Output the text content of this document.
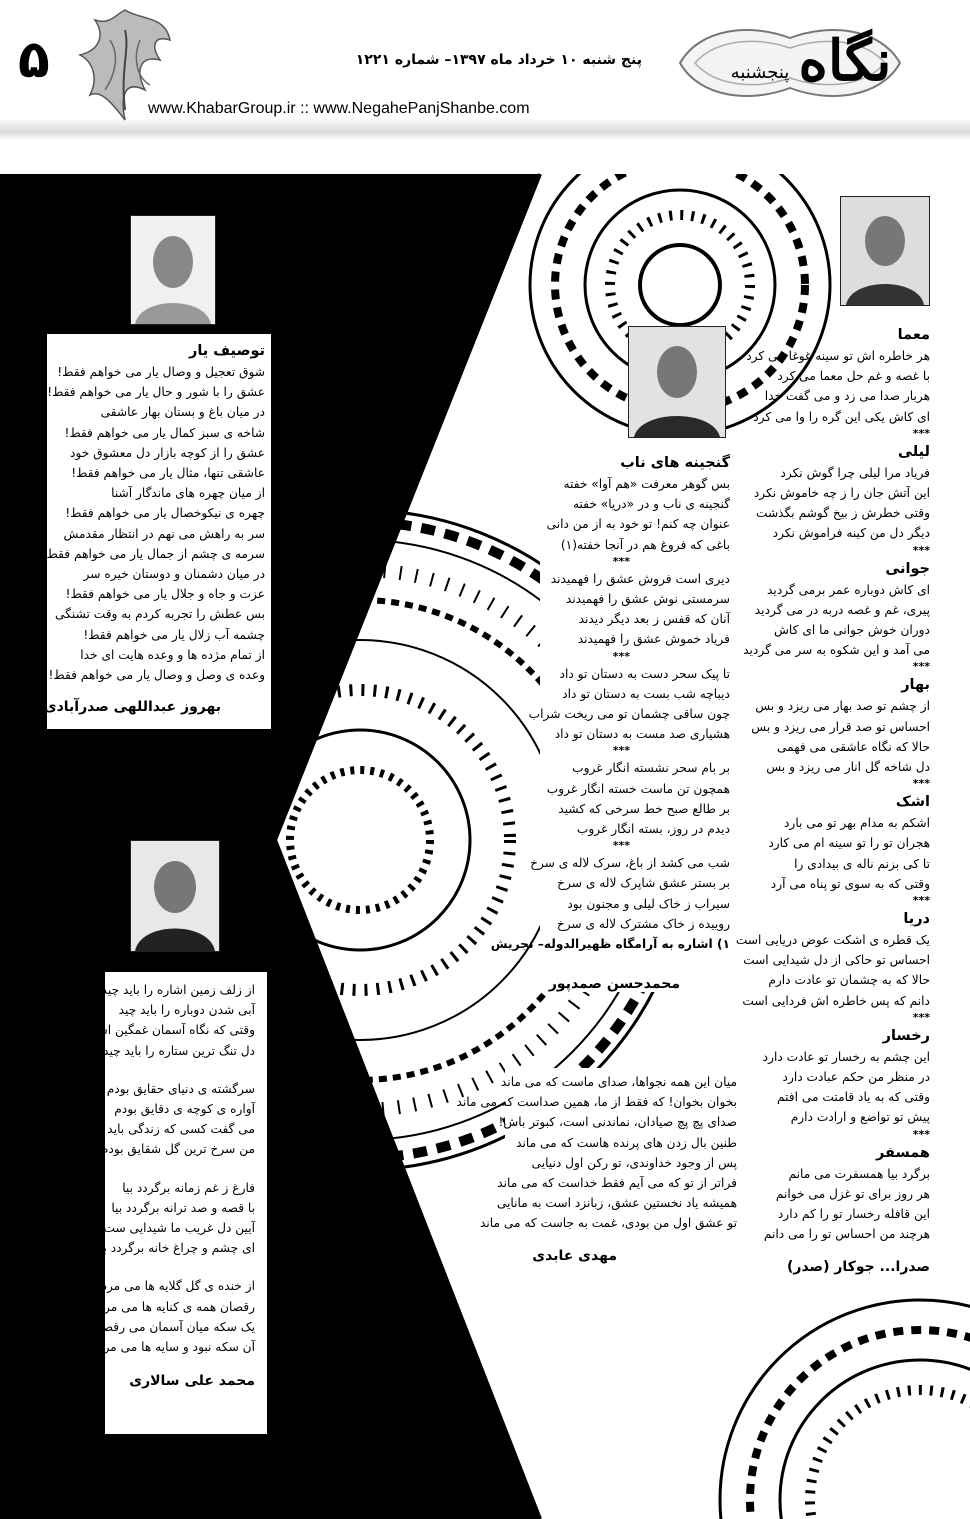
۵	پنج شنبه ۱۰ خرداد ماه ۱۳۹۷– شماره ۱۲۲۱
www.KhabarGroup.ir :: www.NegahePanjShanbe.com
نگاه
پنجشنبه
معما
هر خاطره اش تو سینه غوغا می کرد
با غصه و غم حل معما می کرد
هربار صدا می زد و می گفت خدا
ای کاش یکی این گره را وا می کرد
***
لیلی
فریاد مرا لیلی چرا گوش نکرد
این آتش جان را ز چه خاموش نکرد
وقتی خطرش ز بیخ گوشم بگذشت
دیگر دل من کینه فراموش نکرد
***
جوانی
ای کاش دوباره عمر برمی گردید
پیری، غم و غصه دربه در می گردید
دوران خوش جوانی ما ای کاش
می آمد و این شکوه به سر می گردید
***
بهار
از چشم تو صد بهار می ریزد و بس
احساس تو صد قرار می ریزد و بس
حالا که نگاه عاشقی می فهمی
دل شاخه گل انار می ریزد و بس
***
اشک
اشکم به مدام بهر تو می بارد
هجران تو را تو سینه ام می کارد
تا کی بزنم ناله ی بیدادی را
وقتی که به سوی تو پناه می آرد
***
دریا
یک قطره ی اشکت عوض دریایی است
احساس تو حاکی از دل شیدایی است
حالا که به چشمان تو عادت دارم
دانم که پس خاطره اش فردایی است
***
رخسار
این چشم به رخسار تو عادت دارد
در منظر من حکم عبادت دارد
وقتی که به یاد قامتت می افتم
پیش تو تواضع و ارادت دارم
***
همسفر
برگرد بیا همسفرت می مانم
هر روز برای تو غزل می خوانم
این قافله رخسار تو را کم دارد
هرچند من احساس تو را می دانم
صدرا... جوکار (صدر)
گنجینه های ناب
بس گوهر معرفت «هم آوا» خفته
گنجینه ی ناب و در «دریا» خفته
عنوان چه کنم! تو خود به از من دانی
باغی که فروغ هم در آنجا خفته(۱)
***
دیری است فروش عشق را فهمیدند
سرمستی نوش عشق را فهمیدند
آنان که قفس ز بعد دیگر دیدند
فریاد خموش عشق را فهمیدند
***
تا پیک سحر دست به دستان تو داد
دیباچه شب بست به دستان تو داد
چون ساقی چشمان تو می ریخت شراب
هشیاری صد مست به دستان تو داد
***
بر بام سحر نشسته انگار غروب
همچون تن ماست خسته انگار غروب
بر طالع صبح خط سرخی که کشید
دیدم در روز، بسته انگار غروب
***
شب می کشد از باغ، سرک لاله ی سرخ
بر بستر عشق شاپرک لاله ی سرخ
سیراب ز خاک لیلی و مجنون بود
روییده ز خاک مشترک لاله ی سرخ
۱) اشاره به آرامگاه ظهیرالدوله– تجریش
محمدحسن صمدپور
میان این همه نجواها، صدای ماست که می ماند
بخوان بخوان! که فقط از ما، همین صداست که می ماند
صدای پچ پچ صیادان، نماندنی است، کبوتر باش!
طنین بال زدن های پرنده هاست که می ماند
پس از وجود خداوندی، تو رکن اول دنیایی
فراتر از تو که می آیم فقط خداست که می ماند
همیشه یاد نخستین عشق، زبانزد است به مانایی
تو عشق اول من بودی، غمت به جاست که می ماند
مهدی عابدی
توصیف یار
شوق تعجیل و وصال یار می خواهم فقط!
عشق را با شور و حال یار می خواهم فقط!
در میان باغ و بستان بهار عاشقی
شاخه ی سبز کمال یار می خواهم فقط!
عشق را از کوچه بازار دل معشوق خود
عاشقی تنها، مثال یار می خواهم فقط!
از میان چهره های ماندگار آشنا
چهره ی نیکوخصال یار می خواهم فقط!
سر به راهش می نهم در انتظار مقدمش
سرمه ی چشم از جمال یار می خواهم فقط!
در میان دشمنان و دوستان خیره سر
عزت و جاه و جلال یار می خواهم فقط!
بس عطش را تجربه کردم به وقت تشنگی
چشمه آب زلال یار می خواهم فقط!
از تمام مژده ها و وعده هایت ای خدا
وعده ی وصل و وصال یار می خواهم فقط!
بهروز عبداللهی صدرآبادی
از زلف زمین اشاره را باید چید
آبی شدن دوباره را باید چید
وقتی که نگاه آسمان غمگین است
دل تنگ ترین ستاره را باید چید
سرگشته ی دنیای حقایق بودم
آواره ی کوچه ی دقایق بودم
می گفت کسی که زندگی باید کرد
من سرخ ترین گل شقایق بودم
فارغ ز غم زمانه برگردد بیا
با قصه و صد ترانه برگردد بیا
آیین دل غریب ما شیدایی ست
ای چشم و چراغ خانه برگردد بیا
از خنده ی گل گلایه ها می مردند
رقصان همه ی کنایه ها می مردند
یک سکه میان آسمان می رقصید
آن سکه نبود و سایه ها می مردند
محمد علی سالاری
